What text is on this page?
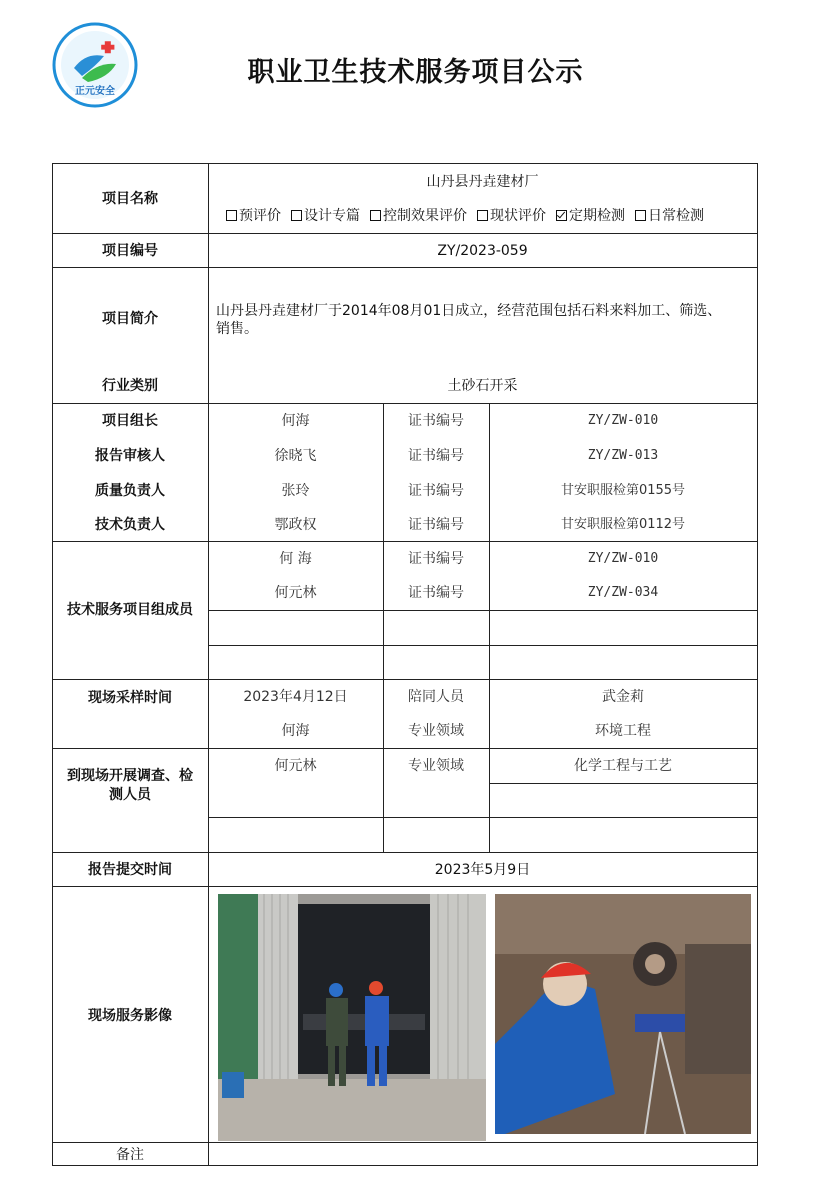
正元安全
职业卫生技术服务项目公示
项目名称
山丹县丹垚建材厂
预评价 设计专篇 控制效果评价 现状评价 定期检测 日常检测
项目编号	ZY/2023-059
项目简介	山丹县丹垚建材厂于2014年08月01日成立，经营范围包括石料来料加工、筛选、
销售。
行业类别	土砂石开采
项目组长	何海	证书编号	ZY/ZW-010
报告审核人	徐晓飞	证书编号	ZY/ZW-013
质量负责人	张玲	证书编号	甘安职服检第0155号
技术负责人	鄂政权	证书编号	甘安职服检第0112号
技术服务项目组成员
何 海	证书编号	ZY/ZW-010
何元林	证书编号	ZY/ZW-034
现场采样时间	2023年4月12日	陪同人员	武金莉
何海	专业领域	环境工程
到现场开展调查、检
测人员
何元林	专业领域	化学工程与工艺
报告提交时间	2023年5月9日
现场服务影像
备注
